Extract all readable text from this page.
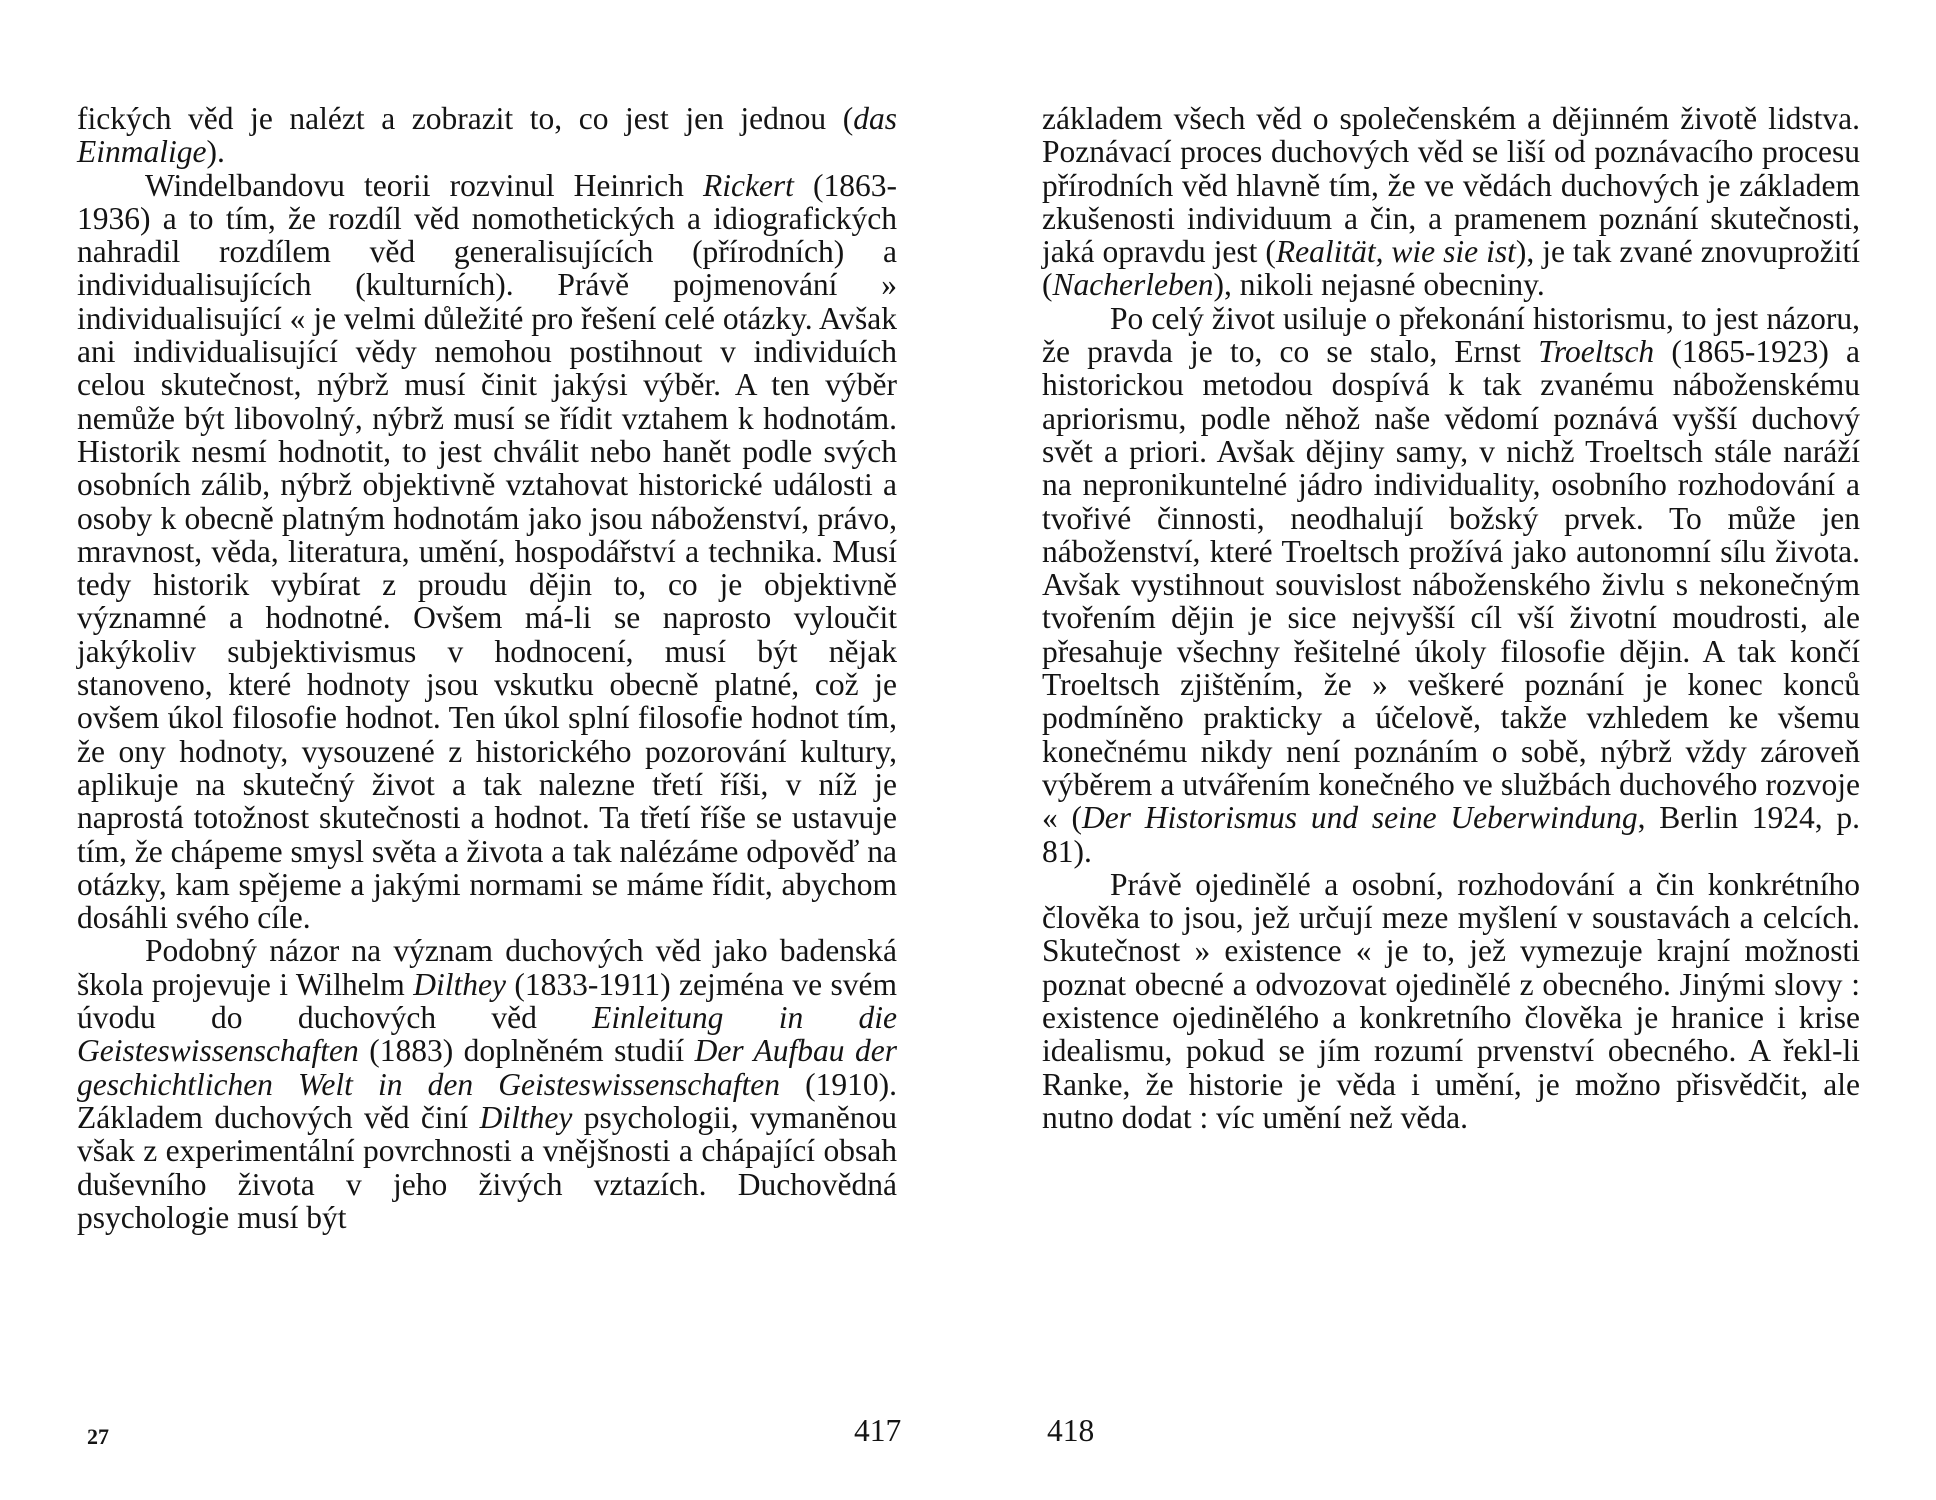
fických věd je nalézt a zobrazit to, co jest jen jednou (das Einmalige).

Windelbandovu teorii rozvinul Heinrich Rickert (1863-1936) a to tím, že rozdíl věd nomothetických a idiografických nahradil rozdílem věd generalisujících (přírodních) a individualisujících (kulturních). Právě pojmenování » individualisující « je velmi důležité pro řešení celé otázky. Avšak ani individualisující vědy nemohou postihnout v individuích celou skutečnost, nýbrž musí činit jakýsi výběr. A ten výběr nemůže být libovolný, nýbrž musí se řídit vztahem k hodnotám. Historik nesmí hodnotit, to jest chválit nebo hanět podle svých osobních zálib, nýbrž objektivně vztahovat historické události a osoby k obecně platným hodnotám jako jsou náboženství, právo, mravnost, věda, literatura, umění, hospodářství a technika. Musí tedy historik vybírat z proudu dějin to, co je objektivně významné a hodnotné. Ovšem má-li se naprosto vyloučit jakýkoliv subjektivismus v hodnocení, musí být nějak stanoveno, které hodnoty jsou vskutku obecně platné, což je ovšem úkol filosofie hodnot. Ten úkol splní filosofie hodnot tím, že ony hodnoty, vysouzené z historického pozorování kultury, aplikuje na skutečný život a tak nalezne třetí říši, v níž je naprostá totožnost skutečnosti a hodnot. Ta třetí říše se ustavuje tím, že chápeme smysl světa a života a tak nalézáme odpověď na otázky, kam spějeme a jakými normami se máme řídit, abychom dosáhli svého cíle.

Podobný názor na význam duchových věd jako badenská škola projevuje i Wilhelm Dilthey (1833-1911) zejména ve svém úvodu do duchových věd Einleitung in die Geisteswissenschaften (1883) doplněném studií Der Aufbau der geschichtlichen Welt in den Geisteswissenschaften (1910). Základem duchových věd činí Dilthey psychologii, vymaněnou však z experimentální povrchnosti a vnějšnosti a chápající obsah duševního života v jeho živých vztazích. Duchovědná psychologie musí být

základem všech věd o společenském a dějinném životě lidstva. Poznávací proces duchových věd se liší od poznávacího procesu přírodních věd hlavně tím, že ve vědách duchových je základem zkušenosti individuum a čin, a pramenem poznání skutečnosti, jaká opravdu jest (Realität, wie sie ist), je tak zvané znovuprožití (Nacherleben), nikoli nejasné obecniny.

Po celý život usiluje o překonání historismu, to jest názoru, že pravda je to, co se stalo, Ernst Troeltsch (1865-1923) a historickou metodou dospívá k tak zvanému náboženskému apriorismu, podle něhož naše vědomí poznává vyšší duchový svět a priori. Avšak dějiny samy, v nichž Troeltsch stále naráží na nepronikuntelné jádro individuality, osobního rozhodování a tvořivé činnosti, neodhalují božský prvek. To může jen náboženství, které Troeltsch prožívá jako autonomní sílu života. Avšak vystihnout souvislost náboženského živlu s nekonečným tvořením dějin je sice nejvyšší cíl vší životní moudrosti, ale přesahuje všechny řešitelné úkoly filosofie dějin. A tak končí Troeltsch zjištěním, že » veškeré poznání je konec konců podmíněno prakticky a účelově, takže vzhledem ke všemu konečnému nikdy není poznáním o sobě, nýbrž vždy zároveň výběrem a utvářením konečného ve službách duchového rozvoje « (Der Historismus und seine Ueberwindung, Berlin 1924, p. 81).

Právě ojedinělé a osobní, rozhodování a čin konkrétního člověka to jsou, jež určují meze myšlení v soustavách a celcích. Skutečnost » existence « je to, jež vymezuje krajní možnosti poznat obecné a odvozovat ojedinělé z obecného. Jinými slovy : existence ojedinělého a konkretního člověka je hranice i krise idealismu, pokud se jím rozumí prvenství obecného. A řekl-li Ranke, že historie je věda i umění, je možno přisvědčit, ale nutno dodat : víc umění než věda.

27	417	418
